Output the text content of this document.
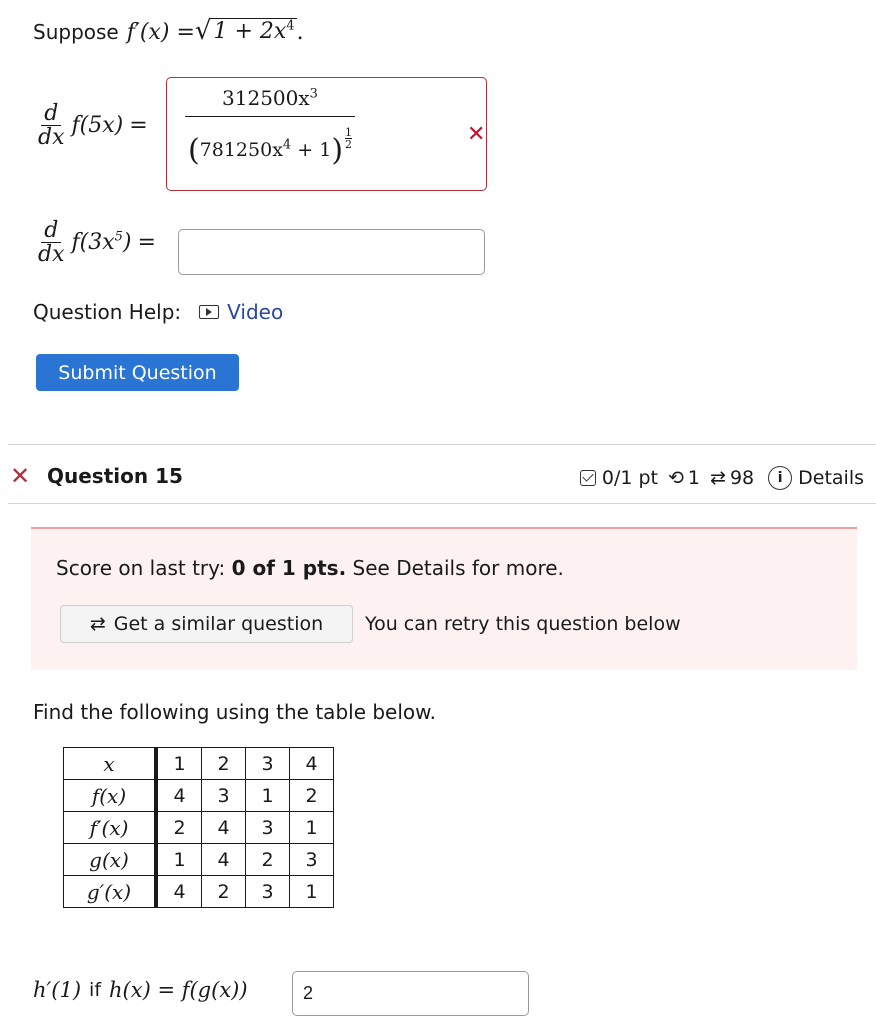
Suppose f′(x) = √ $1 + 2x^4$ .
$\frac{d}{dx} f(5x) = \frac{312500x^3}{(781250x^4 + 1) \frac{1}{2}}$	✕
$\frac{d}{dx} f(3x^5)$ =
Question Help: Video
Submit Question
✕ Question 15	0/1 pt ⟲ 1 ⇄ 98	i Details
Score on last try: 0 of 1 pts. See Details for more.
⇄ Get a similar question You can retry this question below
Find the following using the table below.
x	1	2	3	4
f(x)	4	3	1	2
f′(x)	2	4	3	1
g(x)	1	4	2	3
g′(x)	4	2	3	1
h′(1) if h(x) = f(g(x))
2
